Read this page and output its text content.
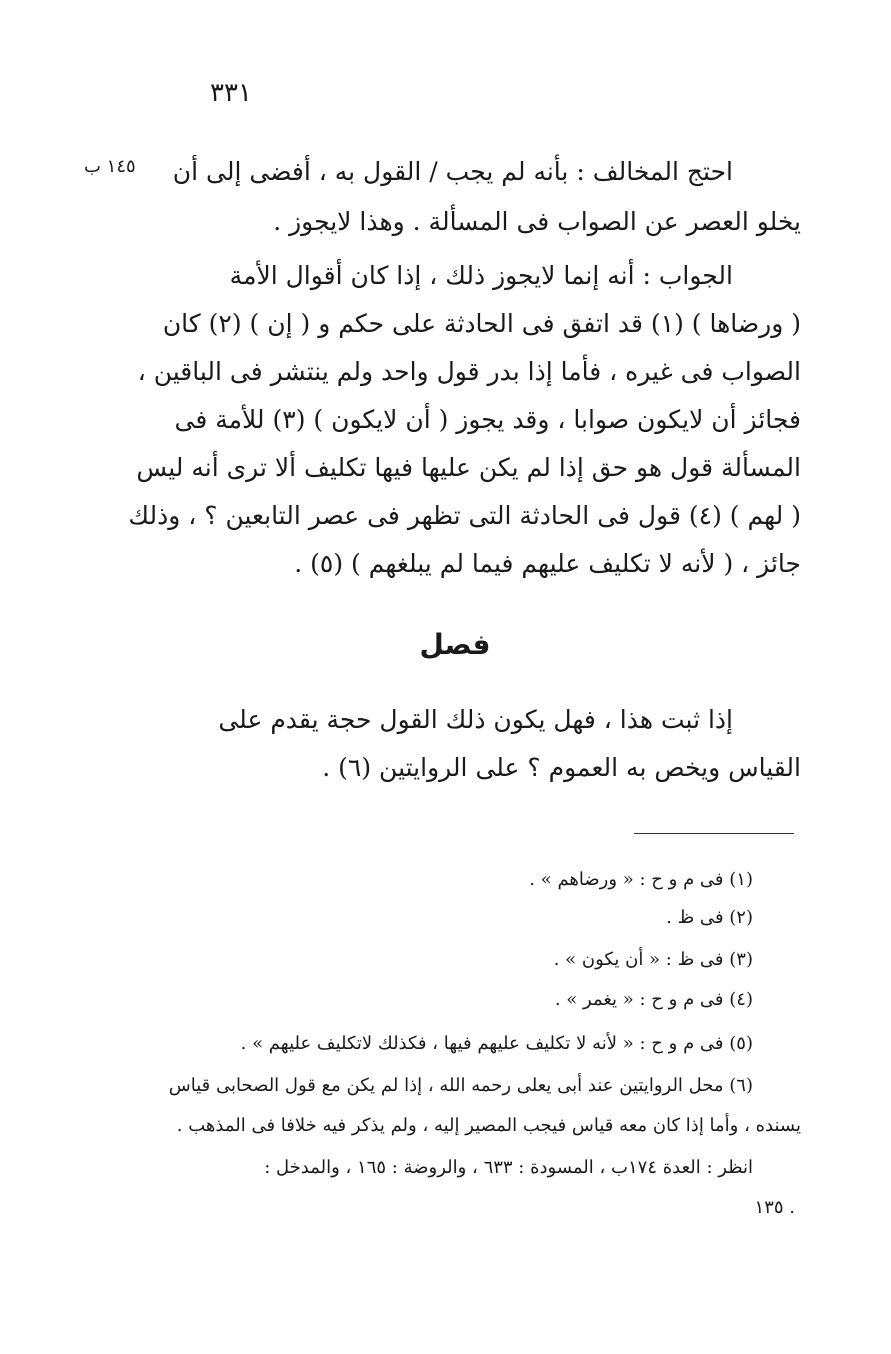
٣٣١
١٤٥ ب احتج المخالف : بأنه لم يجب / القول به ، أفضى إلى أن
يخلو العصر عن الصواب فى المسألة . وهذا لايجوز .
الجواب : أنه إنما لايجوز ذلك ، إذا كان أقوال الأمة
( ورضاها ) (١) قد اتفق فى الحادثة على حكم و ( إن ) (٢) كان
الصواب فى غيره ، فأما إذا بدر قول واحد ولم ينتشر فى الباقين ،
فجائز أن لايكون صوابا ، وقد يجوز ( أن لايكون ) (٣) للأمة فى
المسألة قول هو حق إذا لم يكن عليها فيها تكليف ألا ترى أنه ليس
( لهم ) (٤) قول فى الحادثة التى تظهر فى عصر التابعين ؟ ، وذلك
جائز ، ( لأنه لا تكليف عليهم فيما لم يبلغهم ) (٥) .
فصل
إذا ثبت هذا ، فهل يكون ذلك القول حجة يقدم على
القياس ويخص به العموم ؟ على الروايتين (٦) .
(١) فى م و ح : « ورضاهم » .
(٢) فى ظ .
(٣) فى ظ : « أن يكون » .
(٤) فى م و ح : « يغمر » .
(٥) فى م و ح : « لأنه لا تكليف عليهم فيها ، فكذلك لاتكليف عليهم » .
(٦) محل الروايتين عند أبى يعلى رحمه الله ، إذا لم يكن مع قول الصحابى قياس
يسنده ، وأما إذا كان معه قياس فيجب المصير إليه ، ولم يذكر فيه خلافا فى المذهب .
انظر : العدة ١٧٤ب ، المسودة : ٦٣٣ ، والروضة : ١٦٥ ، والمدخل :
. ١٣٥
